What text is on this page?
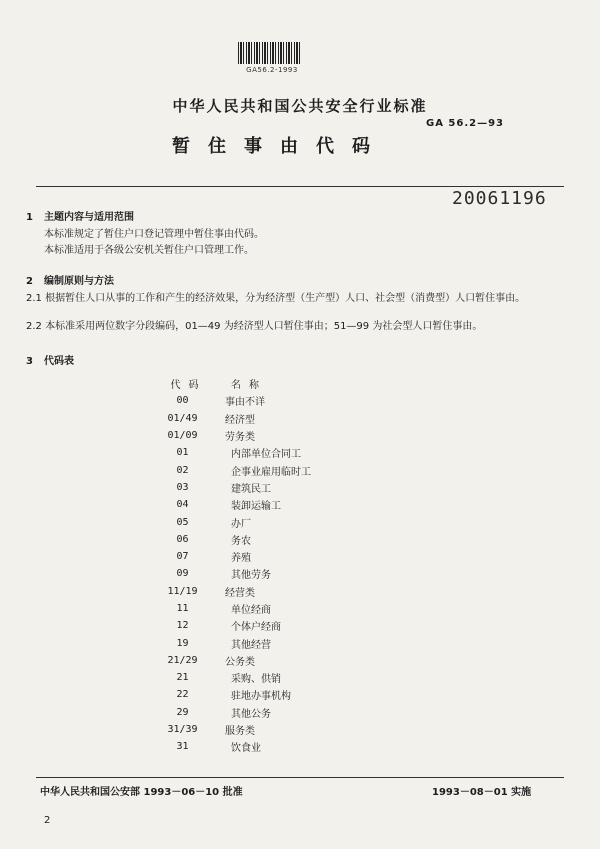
GA56.2-1993
中华人民共和国公共安全行业标准
GA 56.2—93
暂住事由代码
20061196
1 主题内容与适用范围
本标准规定了暂住户口登记管理中暂住事由代码。
本标准适用于各级公安机关暂住户口管理工作。
2 编制原则与方法
2.1 根据暂住人口从事的工作和产生的经济效果，分为经济型（生产型）人口、社会型（消费型）人口暂住事由。
2.2 本标准采用两位数字分段编码，01—49 为经济型人口暂住事由；51—99 为社会型人口暂住事由。
3 代码表
代码	名称
00	事由不详
01/49	经济型
01/09	劳务类
01	内部单位合同工
02	企事业雇用临时工
03	建筑民工
04	装卸运输工
05	办厂
06	务农
07	养殖
09	其他劳务
11/19	经营类
11	单位经商
12	个体户经商
19	其他经营
21/29	公务类
21	采购、供销
22	驻地办事机构
29	其他公务
31/39	服务类
31	饮食业
中华人民共和国公安部 1993－06－10 批准	1993－08－01 实施
2
